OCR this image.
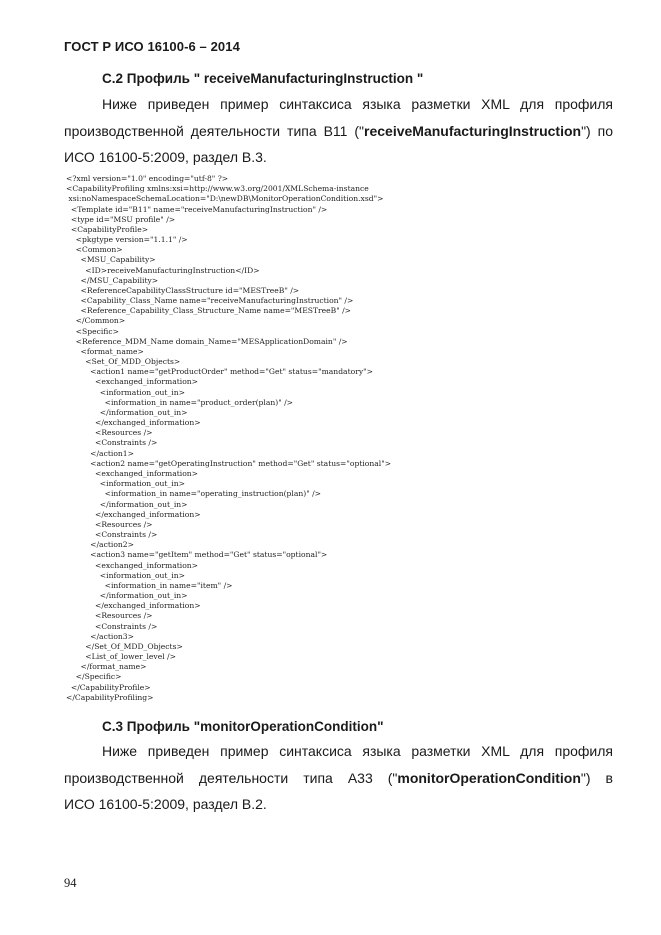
ГОСТ Р ИСО 16100-6 – 2014
С.2 Профиль " receiveManufacturingInstruction "
Ниже приведен пример синтаксиса языка разметки XML для профиля
производственной деятельности типа B11 ("receiveManufacturingInstruction") по
ИСО 16100-5:2009, раздел B.3.
<?xml version="1.0" encoding="utf-8" ?>
<CapabilityProfiling xmlns:xsi=http://www.w3.org/2001/XMLSchema-instance
xsi:noNamespaceSchemaLocation="D:\newDB\MonitorOperationCondition.xsd">
<Template id="B11" name="receiveManufacturingInstruction" />
<type id="MSU profile" />
<CapabilityProfile>
<pkgtype version="1.1.1" />
<Common>
<MSU_Capability>
<ID>receiveManufacturingInstruction</ID>
</MSU_Capability>
<ReferenceCapabilityClassStructure id="MESTreeB" />
<Capability_Class_Name name="receiveManufacturingInstruction" />
<Reference_Capability_Class_Structure_Name name="MESTreeB" />
</Common>
<Specific>
<Reference_MDM_Name domain_Name="MESApplicationDomain" />
<format_name>
<Set_Of_MDD_Objects>
<action1 name="getProductOrder" method="Get" status="mandatory">
<exchanged_information>
<information_out_in>
<information_in name="product_order(plan)" />
</information_out_in>
</exchanged_information>
<Resources />
<Constraints />
</action1>
<action2 name="getOperatingInstruction" method="Get" status="optional">
<exchanged_information>
<information_out_in>
<information_in name="operating_instruction(plan)" />
</information_out_in>
</exchanged_information>
<Resources />
<Constraints />
</action2>
<action3 name="getItem" method="Get" status="optional">
<exchanged_information>
<information_out_in>
<information_in name="item" />
</information_out_in>
</exchanged_information>
<Resources />
<Constraints />
</action3>
</Set_Of_MDD_Objects>
<List_of_lower_level />
</format_name>
</Specific>
</CapabilityProfile>
</CapabilityProfiling>
С.3 Профиль "monitorOperationCondition"
Ниже приведен пример синтаксиса языка разметки XML для профиля
производственной деятельности типа A33 ("monitorOperationCondition") в
ИСО 16100-5:2009, раздел B.2.
94
